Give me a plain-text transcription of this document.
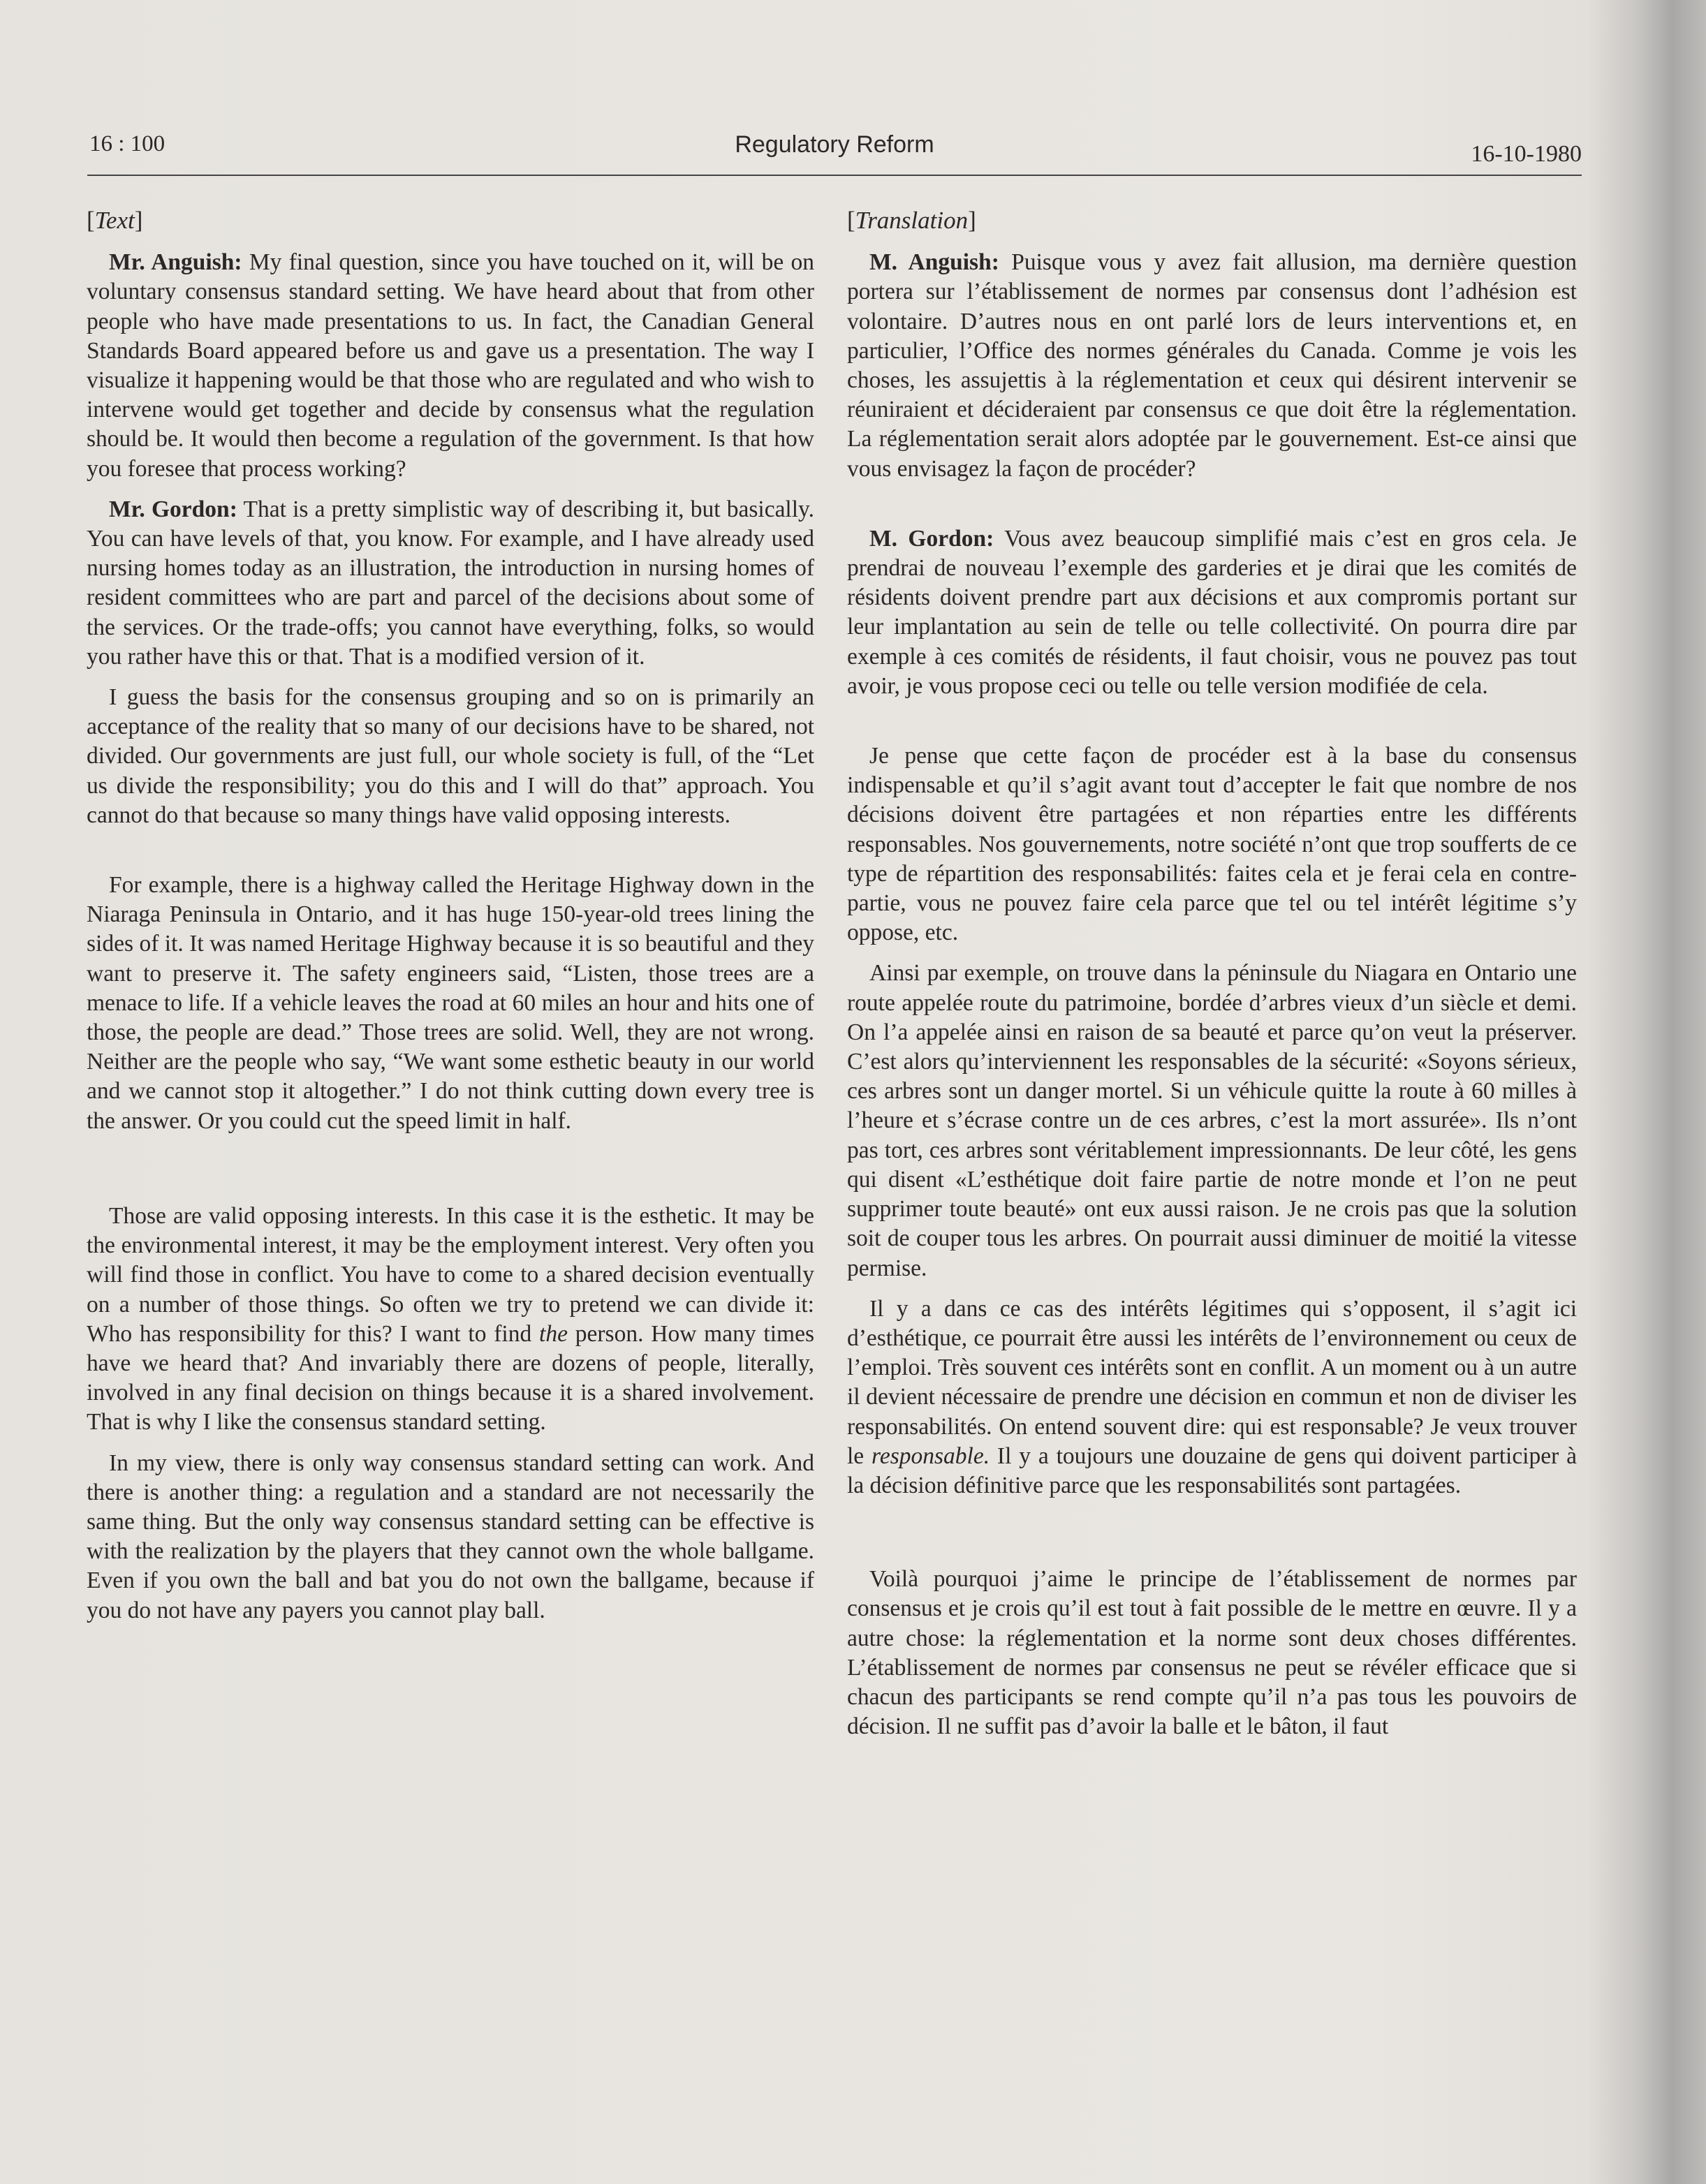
16 : 100	Regulatory Reform	16-10-1980
[Text]

Mr. Anguish: My final question, since you have touched on it, will be on voluntary consensus standard setting. We have heard about that from other people who have made presentations to us. In fact, the Canadian General Standards Board appeared before us and gave us a presentation. The way I visualize it happening would be that those who are regulated and who wish to intervene would get together and decide by consensus what the regulation should be. It would then become a regulation of the government. Is that how you foresee that process working?

Mr. Gordon: That is a pretty simplistic way of describing it, but basically. You can have levels of that, you know. For example, and I have already used nursing homes today as an illustration, the introduction in nursing homes of resident committees who are part and parcel of the decisions about some of the services. Or the trade-offs; you cannot have everything, folks, so would you rather have this or that. That is a modified version of it.

I guess the basis for the consensus grouping and so on is primarily an acceptance of the reality that so many of our decisions have to be shared, not divided. Our governments are just full, our whole society is full, of the “Let us divide the responsibility; you do this and I will do that” approach. You cannot do that because so many things have valid opposing interests.

For example, there is a highway called the Heritage Highway down in the Niaraga Peninsula in Ontario, and it has huge 150-year-old trees lining the sides of it. It was named Heritage Highway because it is so beautiful and they want to preserve it. The safety engineers said, “Listen, those trees are a menace to life. If a vehicle leaves the road at 60 miles an hour and hits one of those, the people are dead.” Those trees are solid. Well, they are not wrong. Neither are the people who say, “We want some esthetic beauty in our world and we cannot stop it altogether.” I do not think cutting down every tree is the answer. Or you could cut the speed limit in half.

Those are valid opposing interests. In this case it is the esthetic. It may be the environmental interest, it may be the employment interest. Very often you will find those in conflict. You have to come to a shared decision eventually on a number of those things. So often we try to pretend we can divide it: Who has responsibility for this? I want to find the person. How many times have we heard that? And invariably there are dozens of people, literally, involved in any final decision on things because it is a shared involvement. That is why I like the consensus standard setting.

In my view, there is only way consensus standard setting can work. And there is another thing: a regulation and a standard are not necessarily the same thing. But the only way consensus standard setting can be effective is with the realization by the players that they cannot own the whole ballgame. Even if you own the ball and bat you do not own the ballgame, because if you do not have any payers you cannot play ball.

[Translation]

M. Anguish: Puisque vous y avez fait allusion, ma dernière question portera sur l’établissement de normes par consensus dont l’adhésion est volontaire. D’autres nous en ont parlé lors de leurs interventions et, en particulier, l’Office des normes générales du Canada. Comme je vois les choses, les assujettis à la réglementation et ceux qui désirent intervenir se réuniraient et décideraient par consensus ce que doit être la réglementation. La réglementation serait alors adoptée par le gouvernement. Est-ce ainsi que vous envisagez la façon de procéder?

M. Gordon: Vous avez beaucoup simplifié mais c’est en gros cela. Je prendrai de nouveau l’exemple des garderies et je dirai que les comités de résidents doivent prendre part aux décisions et aux compromis portant sur leur implantation au sein de telle ou telle collectivité. On pourra dire par exemple à ces comités de résidents, il faut choisir, vous ne pouvez pas tout avoir, je vous propose ceci ou telle ou telle version modifiée de cela.

Je pense que cette façon de procéder est à la base du consensus indispensable et qu’il s’agit avant tout d’accepter le fait que nombre de nos décisions doivent être partagées et non réparties entre les différents responsables. Nos gouvernements, notre société n’ont que trop soufferts de ce type de répartition des responsabilités: faites cela et je ferai cela en contre-partie, vous ne pouvez faire cela parce que tel ou tel intérêt légitime s’y oppose, etc.

Ainsi par exemple, on trouve dans la péninsule du Niagara en Ontario une route appelée route du patrimoine, bordée d’arbres vieux d’un siècle et demi. On l’a appelée ainsi en raison de sa beauté et parce qu’on veut la préserver. C’est alors qu’interviennent les responsables de la sécurité: «Soyons sérieux, ces arbres sont un danger mortel. Si un véhicule quitte la route à 60 milles à l’heure et s’écrase contre un de ces arbres, c’est la mort assurée». Ils n’ont pas tort, ces arbres sont véritablement impressionnants. De leur côté, les gens qui disent «L’esthétique doit faire partie de notre monde et l’on ne peut supprimer toute beauté» ont eux aussi raison. Je ne crois pas que la solution soit de couper tous les arbres. On pourrait aussi diminuer de moitié la vitesse permise.

Il y a dans ce cas des intérêts légitimes qui s’opposent, il s’agit ici d’esthétique, ce pourrait être aussi les intérêts de l’environnement ou ceux de l’emploi. Très souvent ces intérêts sont en conflit. A un moment ou à un autre il devient nécessaire de prendre une décision en commun et non de diviser les responsabilités. On entend souvent dire: qui est responsable? Je veux trouver le responsable. Il y a toujours une douzaine de gens qui doivent participer à la décision définitive parce que les responsabilités sont partagées.

Voilà pourquoi j’aime le principe de l’établissement de normes par consensus et je crois qu’il est tout à fait possible de le mettre en œuvre. Il y a autre chose: la réglementation et la norme sont deux choses différentes. L’établissement de normes par consensus ne peut se révéler efficace que si chacun des participants se rend compte qu’il n’a pas tous les pouvoirs de décision. Il ne suffit pas d’avoir la balle et le bâton, il faut
